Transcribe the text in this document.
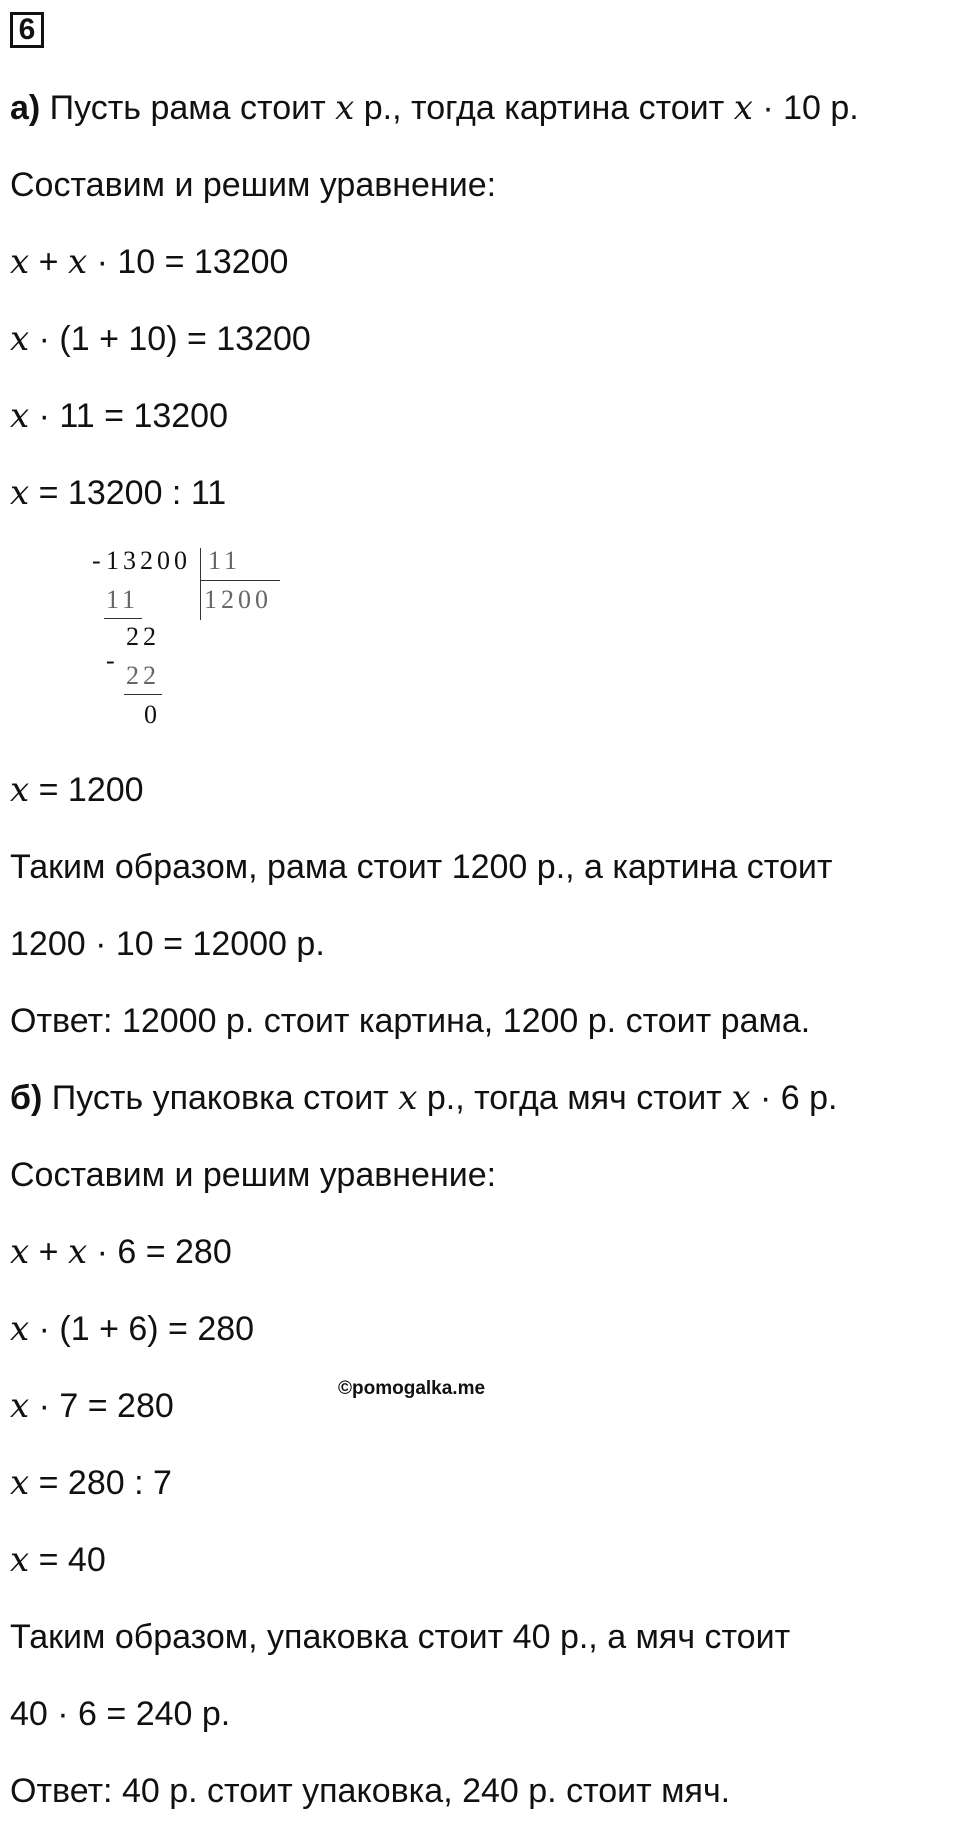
6
а) Пусть рама стоит x р., тогда картина стоит x · 10 р.
Составим и решим уравнение:
x + x · 10 = 13200
x · (1 + 10) = 13200
x · 11 = 13200
x = 13200 : 11
- 13200 11
1200
11
22
-
22
0
x = 1200
Таким образом, рама стоит 1200 р., а картина стоит
1200 · 10 = 12000 р.
Ответ: 12000 р. стоит картина, 1200 р. стоит рама.
б) Пусть упаковка стоит x р., тогда мяч стоит x · 6 р.
Составим и решим уравнение:
x + x · 6 = 280
x · (1 + 6) = 280
x · 7 = 280	©pomogalka.me
x = 280 : 7
x = 40
Таким образом, упаковка стоит 40 р., а мяч стоит
40 · 6 = 240 р.
Ответ: 40 р. стоит упаковка, 240 р. стоит мяч.
